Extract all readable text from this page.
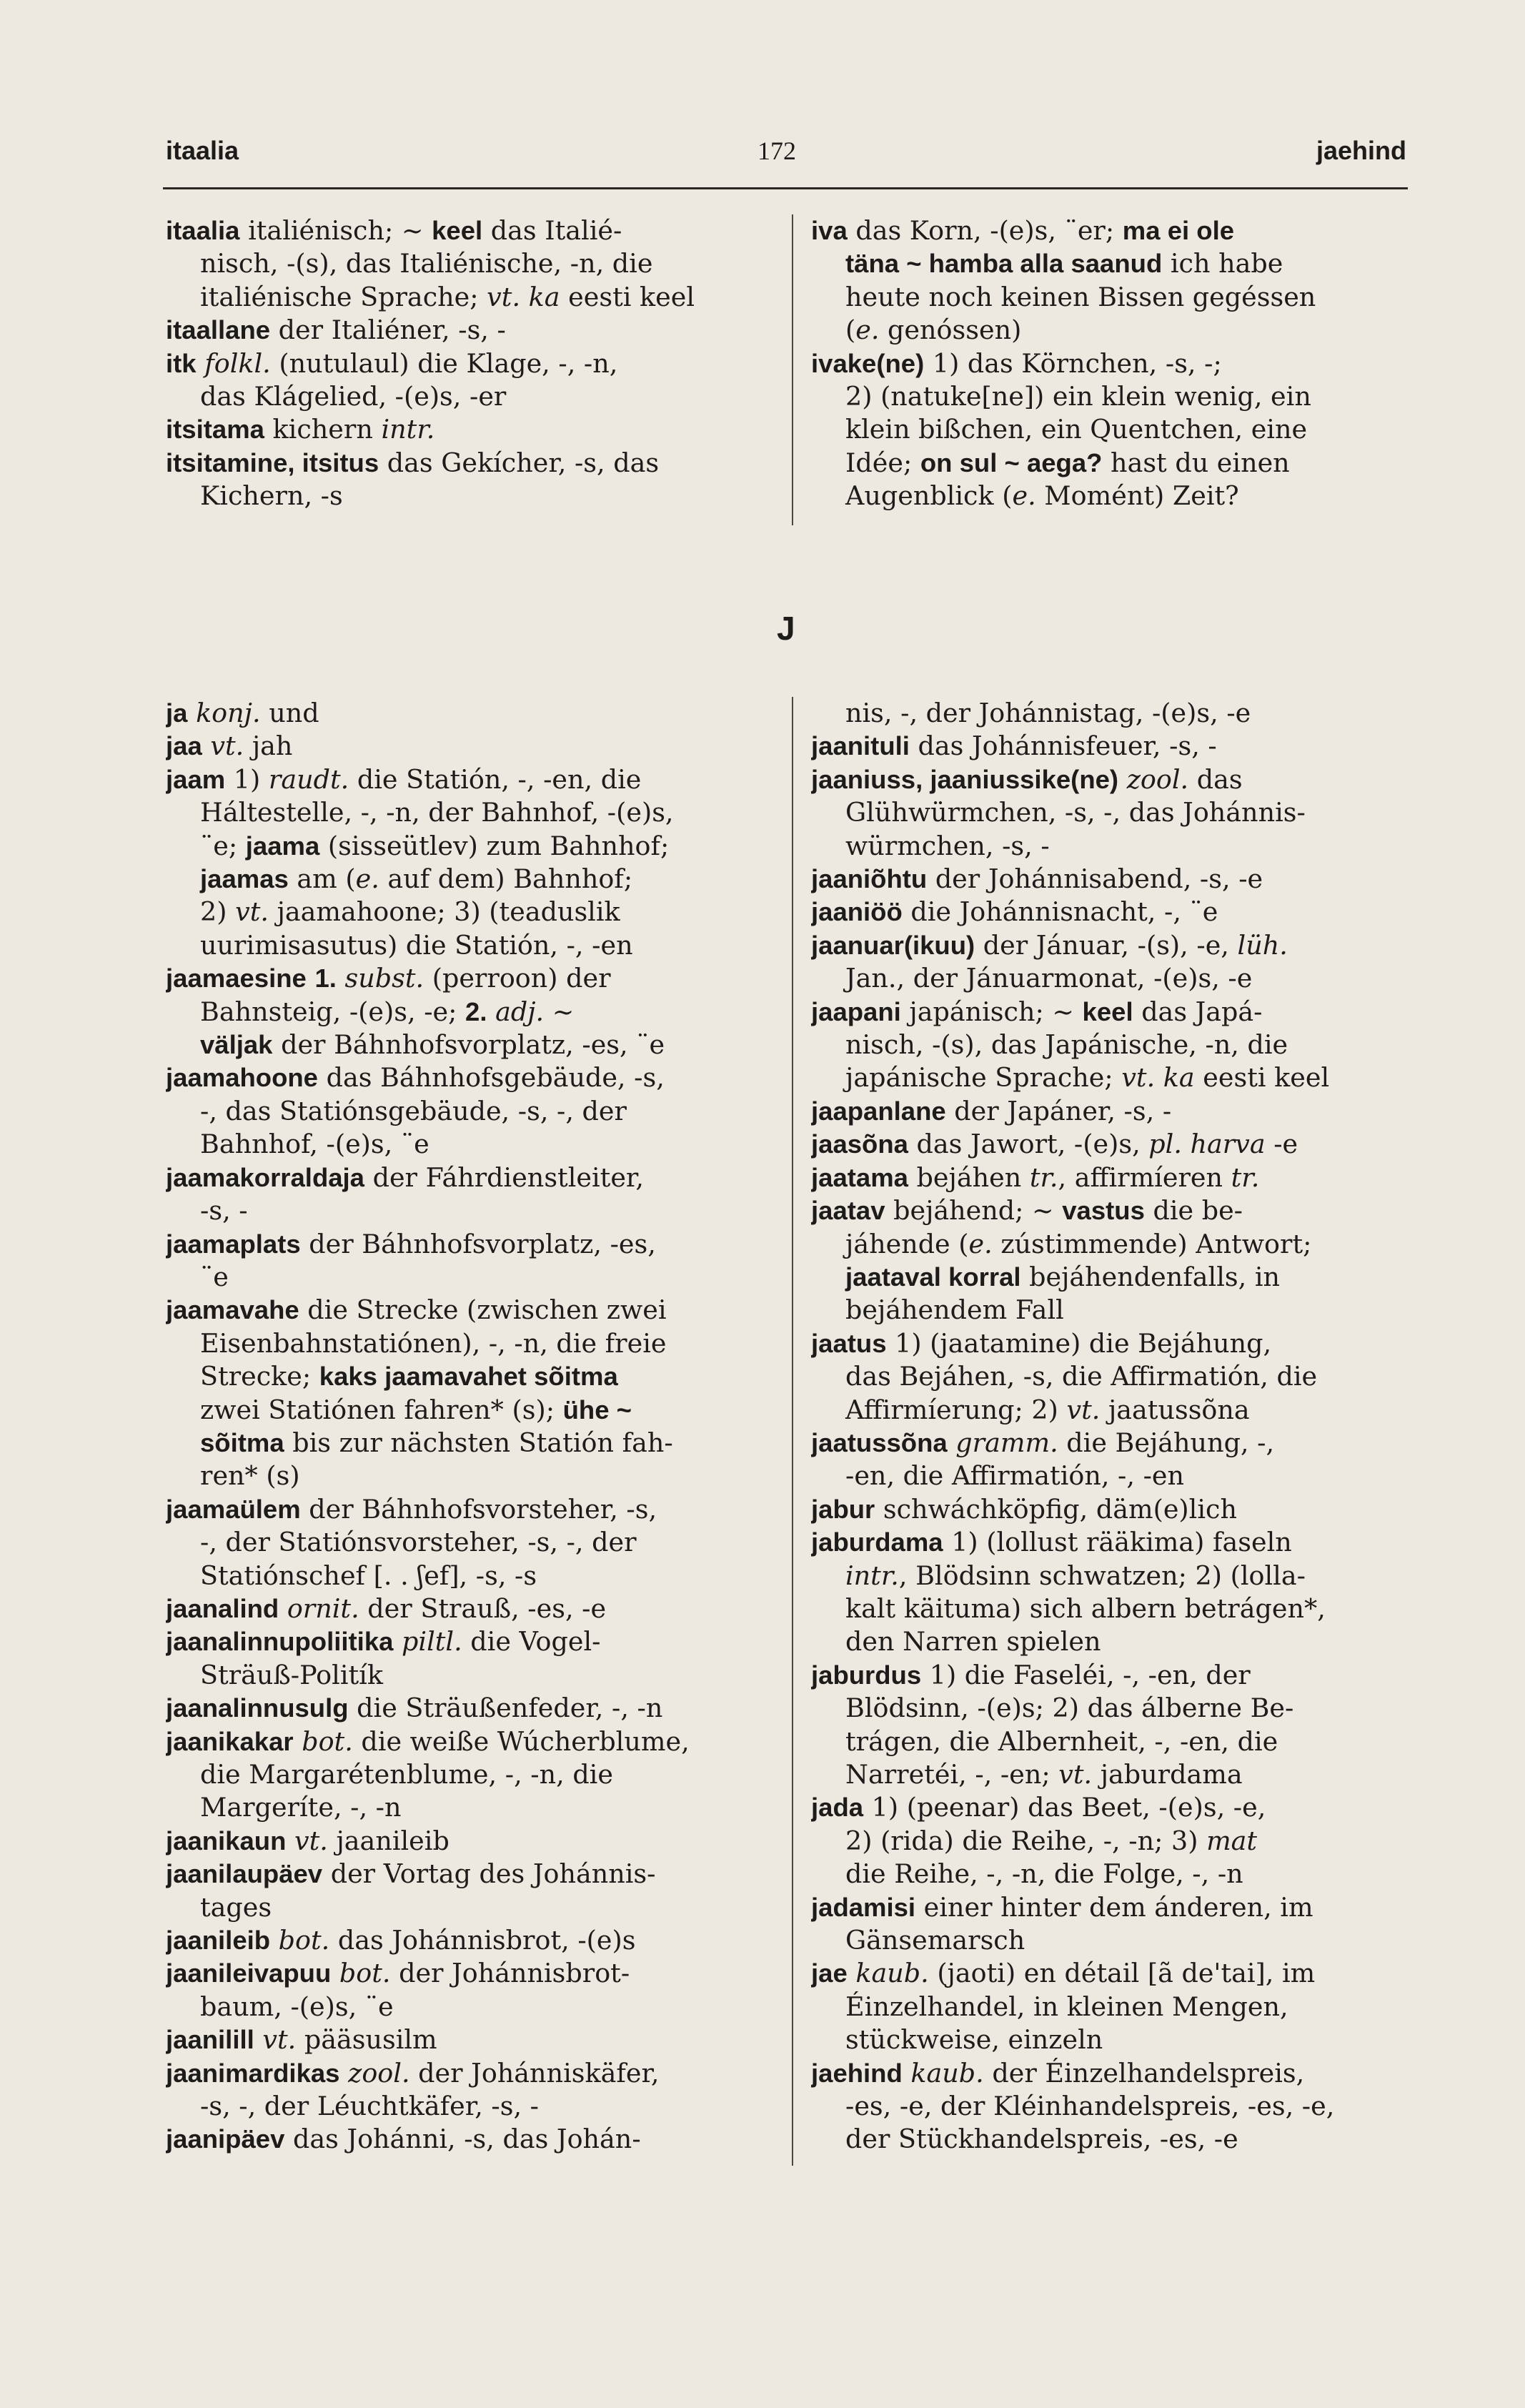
itaalia	172	jaehind
itaalia italiénisch; ~ keel das Italié-
nisch, -(s), das Italiénische, -n, die
italiénische Sprache; vt. ka eesti keel
itaallane der Italiéner, -s, -
itk folkl. (nutulaul) die Klage, -, -n,
das Klágelied, -(e)s, -er
itsitama kichern intr.
itsitamine, itsitus das Gekícher, -s, das
Kichern, -s
iva das Korn, -(e)s, ¨er; ma ei ole
täna ~ hamba alla saanud ich habe
heute noch keinen Bissen gegéssen
(e. genóssen)
ivake(ne) 1) das Körnchen, -s, -;
2) (natuke[ne]) ein klein wenig, ein
klein bißchen, ein Quentchen, eine
Idée; on sul ~ aega? hast du einen
Augenblick (e. Momént) Zeit?
J
ja konj. und
jaa vt. jah
jaam 1) raudt. die Statión, -, -en, die
Háltestelle, -, -n, der Bahnhof, -(e)s,
¨e; jaama (sisseütlev) zum Bahnhof;
jaamas am (e. auf dem) Bahnhof;
2) vt. jaamahoone; 3) (teaduslik
uurimisasutus) die Statión, -, -en
jaamaesine 1. subst. (perroon) der
Bahnsteig, -(e)s, -e; 2. adj. ~
väljak der Báhnhofsvorplatz, -es, ¨e
jaamahoone das Báhnhofsgebäude, -s,
-, das Statiónsgebäude, -s, -, der
Bahnhof, -(e)s, ¨e
jaamakorraldaja der Fáhrdienstleiter,
-s, -
jaamaplats der Báhnhofsvorplatz, -es,
¨e
jaamavahe die Strecke (zwischen zwei
Eisenbahnstatiónen), -, -n, die freie
Strecke; kaks jaamavahet sõitma
zwei Statiónen fahren* (s); ühe ~
sõitma bis zur nächsten Statión fah-
ren* (s)
jaamaülem der Báhnhofsvorsteher, -s,
-, der Statiónsvorsteher, -s, -, der
Statiónschef [. . ʃef], -s, -s
jaanalind ornit. der Strauß, -es, -e
jaanalinnupoliitika piltl. die Vogel-
Sträuß-Politík
jaanalinnusulg die Sträußenfeder, -, -n
jaanikakar bot. die weiße Wúcherblume,
die Margarétenblume, -, -n, die
Margeríte, -, -n
jaanikaun vt. jaanileib
jaanilaupäev der Vortag des Johánnis-
tages
jaanileib bot. das Johánnisbrot, -(e)s
jaanileivapuu bot. der Johánnisbrot-
baum, -(e)s, ¨e
jaanilill vt. pääsusilm
jaanimardikas zool. der Johánniskäfer,
-s, -, der Léuchtkäfer, -s, -
jaanipäev das Johánni, -s, das Johán-
nis, -, der Johánnistag, -(e)s, -e
jaanituli das Johánnisfeuer, -s, -
jaaniuss, jaaniussike(ne) zool. das
Glühwürmchen, -s, -, das Johánnis-
würmchen, -s, -
jaaniõhtu der Johánnisabend, -s, -e
jaaniöö die Johánnisnacht, -, ¨e
jaanuar(ikuu) der Jánuar, -(s), -e, lüh.
Jan., der Jánuarmonat, -(e)s, -e
jaapani japánisch; ~ keel das Japá-
nisch, -(s), das Japánische, -n, die
japánische Sprache; vt. ka eesti keel
jaapanlane der Japáner, -s, -
jaasõna das Jawort, -(e)s, pl. harva -e
jaatama bejáhen tr., affirmíeren tr.
jaatav bejáhend; ~ vastus die be-
jáhende (e. zústimmende) Antwort;
jaataval korral bejáhendenfalls, in
bejáhendem Fall
jaatus 1) (jaatamine) die Bejáhung,
das Bejáhen, -s, die Affirmatión, die
Affirmíerung; 2) vt. jaatussõna
jaatussõna gramm. die Bejáhung, -,
-en, die Affirmatión, -, -en
jabur schwáchköpfig, däm(e)lich
jaburdama 1) (lollust rääkima) faseln
intr., Blödsinn schwatzen; 2) (lolla-
kalt käituma) sich albern betrágen*,
den Narren spielen
jaburdus 1) die Faseléi, -, -en, der
Blödsinn, -(e)s; 2) das álberne Be-
trágen, die Albernheit, -, -en, die
Narretéi, -, -en; vt. jaburdama
jada 1) (peenar) das Beet, -(e)s, -e,
2) (rida) die Reihe, -, -n; 3) mat
die Reihe, -, -n, die Folge, -, -n
jadamisi einer hinter dem ánderen, im
Gänsemarsch
jae kaub. (jaoti) en détail [ã de'tai], im
Éinzelhandel, in kleinen Mengen,
stückweise, einzeln
jaehind kaub. der Éinzelhandelspreis,
-es, -e, der Kléinhandelspreis, -es, -e,
der Stückhandelspreis, -es, -e
